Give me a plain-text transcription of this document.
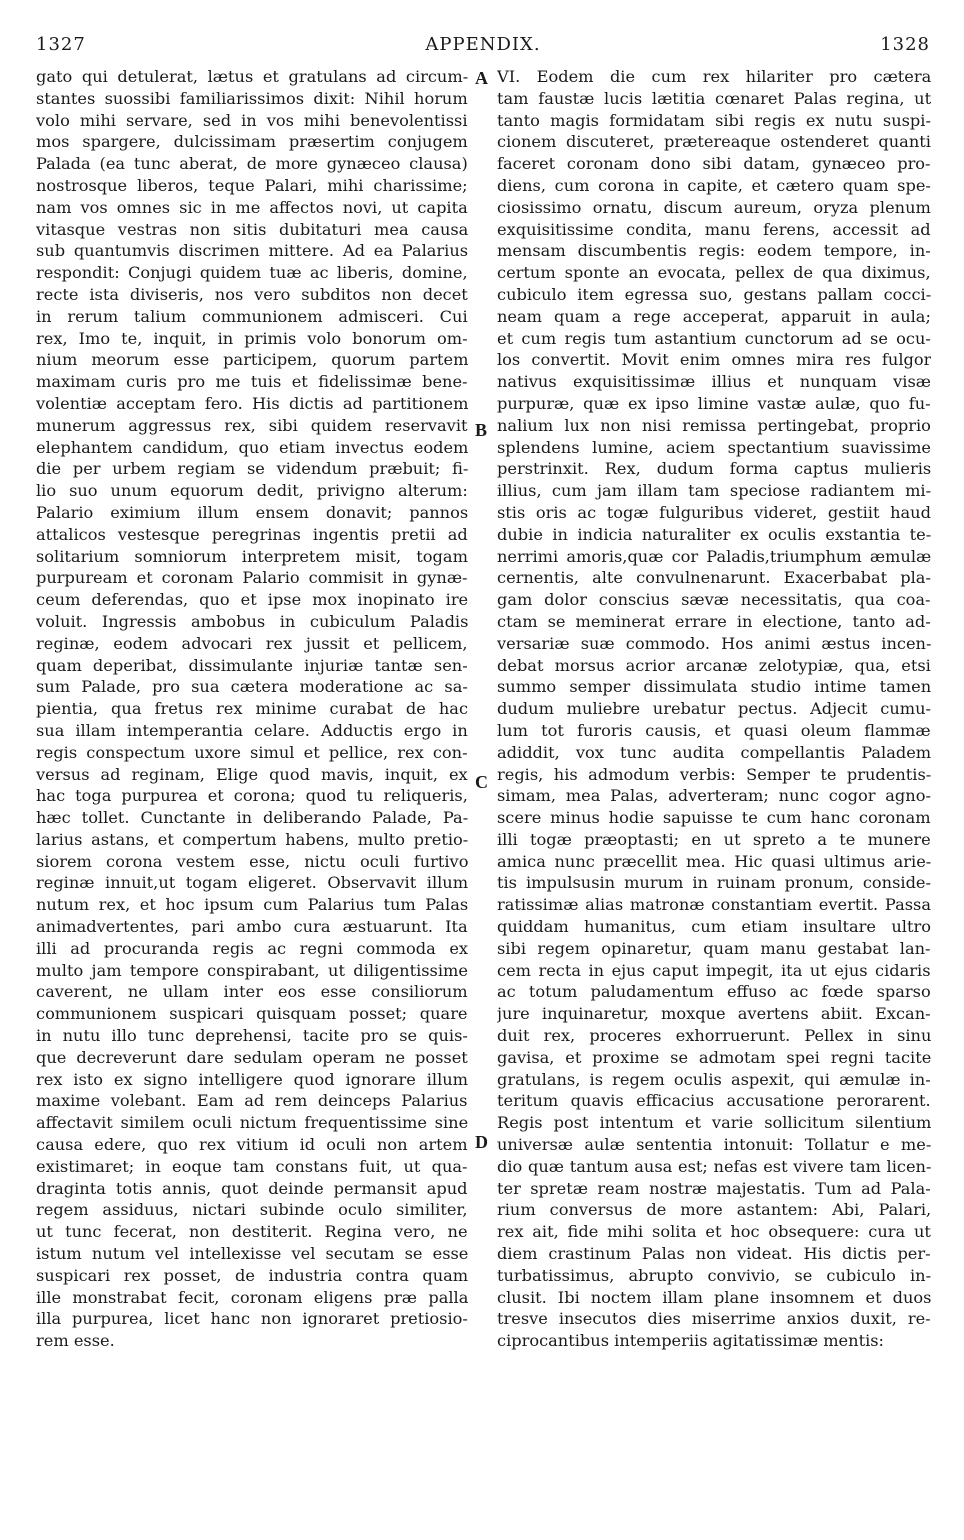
1327	APPENDIX.	1328
gato qui detulerat, lætus et gratulans ad circum-
stantes suossibi familiarissimos dixit: Nihil horum
volo mihi servare, sed in vos mihi benevolentissi
mos spargere, dulcissimam præsertim conjugem
Palada (ea tunc aberat, de more gynæceo clausa)
nostrosque liberos, teque Palari, mihi charissime;
nam vos omnes sic in me affectos novi, ut capita
vitasque vestras non sitis dubitaturi mea causa
sub quantumvis discrimen mittere. Ad ea Palarius
respondit: Conjugi quidem tuæ ac liberis, domine,
recte ista diviseris, nos vero subditos non decet
in rerum talium communionem admisceri. Cui
rex, Imo te, inquit, in primis volo bonorum om-
nium meorum esse participem, quorum partem
maximam curis pro me tuis et fidelissimæ bene-
volentiæ acceptam fero. His dictis ad partitionem
munerum aggressus rex, sibi quidem reservavit
elephantem candidum, quo etiam invectus eodem
die per urbem regiam se videndum præbuit; fi-
lio suo unum equorum dedit, privigno alterum:
Palario eximium illum ensem donavit; pannos
attalicos vestesque peregrinas ingentis pretii ad
solitarium somniorum interpretem misit, togam
purpuream et coronam Palario commisit in gynæ-
ceum deferendas, quo et ipse mox inopinato ire
voluit. Ingressis ambobus in cubiculum Paladis
reginæ, eodem advocari rex jussit et pellicem,
quam deperibat, dissimulante injuriæ tantæ sen-
sum Palade, pro sua cætera moderatione ac sa-
pientia, qua fretus rex minime curabat de hac
sua illam intemperantia celare. Adductis ergo in
regis conspectum uxore simul et pellice, rex con-
versus ad reginam, Elige quod mavis, inquit, ex
hac toga purpurea et corona; quod tu reliqueris,
hæc tollet. Cunctante in deliberando Palade, Pa-
larius astans, et compertum habens, multo pretio-
siorem corona vestem esse, nictu oculi furtivo
reginæ innuit,ut togam eligeret. Observavit illum
nutum rex, et hoc ipsum cum Palarius tum Palas
animadvertentes, pari ambo cura æstuarunt. Ita
illi ad procuranda regis ac regni commoda ex
multo jam tempore conspirabant, ut diligentissime
caverent, ne ullam inter eos esse consiliorum
communionem suspicari quisquam posset; quare
in nutu illo tunc deprehensi, tacite pro se quis-
que decreverunt dare sedulam operam ne posset
rex isto ex signo intelligere quod ignorare illum
maxime volebant. Eam ad rem deinceps Palarius
affectavit similem oculi nictum frequentissime sine
causa edere, quo rex vitium id oculi non artem
existimaret; in eoque tam constans fuit, ut qua-
draginta totis annis, quot deinde permansit apud
regem assiduus, nictari subinde oculo similiter,
ut tunc fecerat, non destiterit. Regina vero, ne
istum nutum vel intellexisse vel secutam se esse
suspicari rex posset, de industria contra quam
ille monstrabat fecit, coronam eligens præ palla
illa purpurea, licet hanc non ignoraret pretiosio-
rem esse.
VI. Eodem die cum rex hilariter pro cætera
tam faustæ lucis lætitia cœnaret Palas regina, ut
tanto magis formidatam sibi regis ex nutu suspi-
cionem discuteret, prætereaque ostenderet quanti
faceret coronam dono sibi datam, gynæceo pro-
diens, cum corona in capite, et cætero quam spe-
ciosissimo ornatu, discum aureum, oryza plenum
exquisitissime condita, manu ferens, accessit ad
mensam discumbentis regis: eodem tempore, in-
certum sponte an evocata, pellex de qua diximus,
cubiculo item egressa suo, gestans pallam cocci-
neam quam a rege acceperat, apparuit in aula;
et cum regis tum astantium cunctorum ad se ocu-
los convertit. Movit enim omnes mira res fulgor
nativus exquisitissimæ illius et nunquam visæ
purpuræ, quæ ex ipso limine vastæ aulæ, quo fu-
nalium lux non nisi remissa pertingebat, proprio
splendens lumine, aciem spectantium suavissime
perstrinxit. Rex, dudum forma captus mulieris
illius, cum jam illam tam speciose radiantem mi-
stis oris ac togæ fulguribus videret, gestiit haud
dubie in indicia naturaliter ex oculis exstantia te-
nerrimi amoris,quæ cor Paladis,triumphum æmulæ
cernentis, alte convulnenarunt. Exacerbabat pla-
gam dolor conscius sævæ necessitatis, qua coa-
ctam se meminerat errare in electione, tanto ad-
versariæ suæ commodo. Hos animi æstus incen-
debat morsus acrior arcanæ zelotypiæ, qua, etsi
summo semper dissimulata studio intime tamen
dudum muliebre urebatur pectus. Adjecit cumu-
lum tot furoris causis, et quasi oleum flammæ
adiddit, vox tunc audita compellantis Paladem
regis, his admodum verbis: Semper te prudentis-
simam, mea Palas, adverteram; nunc cogor agno-
scere minus hodie sapuisse te cum hanc coronam
illi togæ præoptasti; en ut spreto a te munere
amica nunc præcellit mea. Hic quasi ultimus arie-
tis impulsusin murum in ruinam pronum, conside-
ratissimæ alias matronæ constantiam evertit. Passa
quiddam humanitus, cum etiam insultare ultro
sibi regem opinaretur, quam manu gestabat lan-
cem recta in ejus caput impegit, ita ut ejus cidaris
ac totum paludamentum effuso ac fœde sparso
jure inquinaretur, moxque avertens abiit. Excan-
duit rex, proceres exhorruerunt. Pellex in sinu
gavisa, et proxime se admotam spei regni tacite
gratulans, is regem oculis aspexit, qui æmulæ in-
teritum quavis efficacius accusatione perorarent.
Regis post intentum et varie sollicitum silentium
universæ aulæ sententia intonuit: Tollatur e me-
dio quæ tantum ausa est; nefas est vivere tam licen-
ter spretæ ream nostræ majestatis. Tum ad Pala-
rium conversus de more astantem: Abi, Palari,
rex ait, fide mihi solita et hoc obsequere: cura ut
diem crastinum Palas non videat. His dictis per-
turbatissimus, abrupto convivio, se cubiculo in-
clusit. Ibi noctem illam plane insomnem et duos
tresve insecutos dies miserrime anxios duxit, re-
ciprocantibus intemperiis agitatissimæ mentis:
A
B
C
D
